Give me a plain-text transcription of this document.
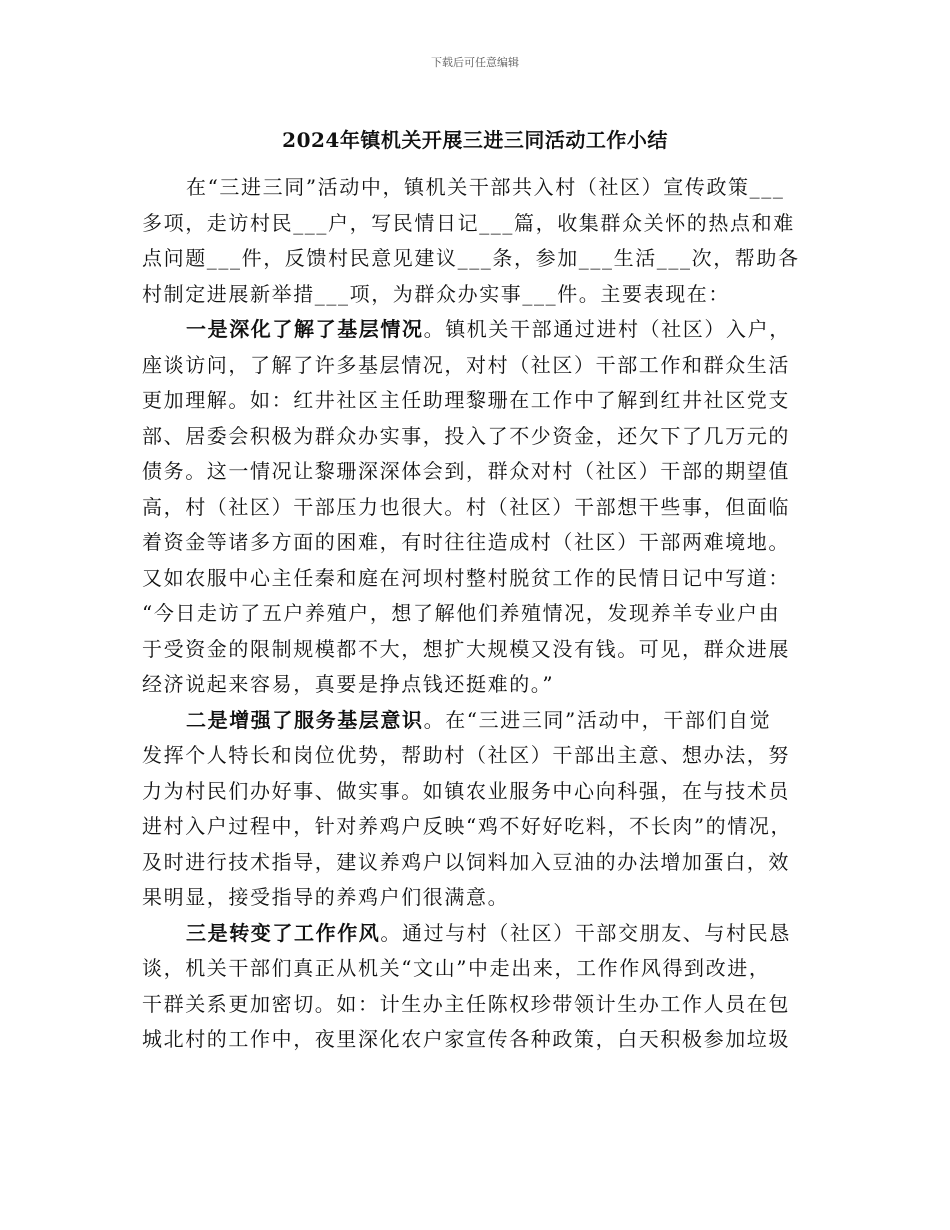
下载后可任意编辑
2024年镇机关开展三进三同活动工作小结
在“三进三同”活动中，镇机关干部共入村（社区）宣传政策___
多项，走访村民___户，写民情日记___篇，收集群众关怀的热点和难
点问题___件，反馈村民意见建议___条，参加___生活___次，帮助各
村制定进展新举措___项，为群众办实事___件。主要表现在：
一是深化了解了基层情况。镇机关干部通过进村（社区）入户，
座谈访问，了解了许多基层情况，对村（社区）干部工作和群众生活
更加理解。如：红井社区主任助理黎珊在工作中了解到红井社区党支
部、居委会积极为群众办实事，投入了不少资金，还欠下了几万元的
债务。这一情况让黎珊深深体会到，群众对村（社区）干部的期望值
高，村（社区）干部压力也很大。村（社区）干部想干些事，但面临
着资金等诸多方面的困难，有时往往造成村（社区）干部两难境地。
又如农服中心主任秦和庭在河坝村整村脱贫工作的民情日记中写道：
“今日走访了五户养殖户，想了解他们养殖情况，发现养羊专业户由
于受资金的限制规模都不大，想扩大规模又没有钱。可见，群众进展
经济说起来容易，真要是挣点钱还挺难的。”
二是增强了服务基层意识。在“三进三同”活动中，干部们自觉
发挥个人特长和岗位优势，帮助村（社区）干部出主意、想办法，努
力为村民们办好事、做实事。如镇农业服务中心向科强，在与技术员
进村入户过程中，针对养鸡户反映“鸡不好好吃料，不长肉”的情况，
及时进行技术指导，建议养鸡户以饲料加入豆油的办法增加蛋白，效
果明显，接受指导的养鸡户们很满意。
三是转变了工作作风。通过与村（社区）干部交朋友、与村民恳
谈，机关干部们真正从机关“文山”中走出来，工作作风得到改进，
干群关系更加密切。如：计生办主任陈权珍带领计生办工作人员在包
城北村的工作中，夜里深化农户家宣传各种政策，白天积极参加垃圾
